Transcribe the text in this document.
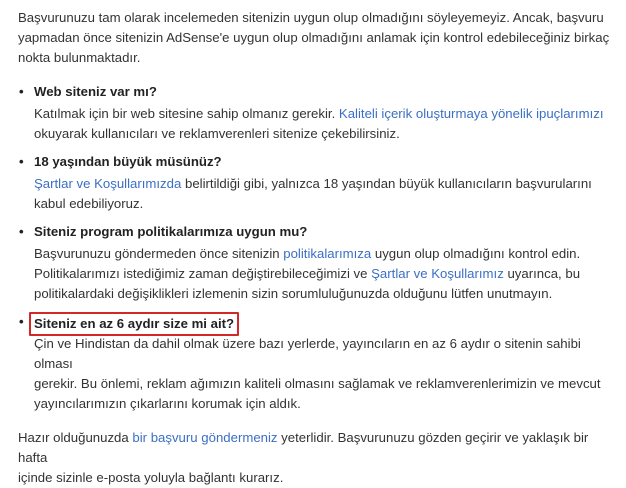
Başvurunuzu tam olarak incelemeden sitenizin uygun olup olmadığını söyleyemeyiz. Ancak, başvuru

yapmadan önce sitenizin AdSense'e uygun olup olmadığını anlamak için kontrol edebileceğiniz birkaç

nokta bulunmaktadır.

• Web siteniz var mı?
Katılmak için bir web sitesine sahip olmanız gerekir. Kaliteli içerik oluşturmaya yönelik ipuçlarımızı
okuyarak kullanıcıları ve reklamverenleri sitenize çekebilirsiniz.
• 18 yaşından büyük müsünüz?
Şartlar ve Koşullarımızda belirtildiği gibi, yalnızca 18 yaşından büyük kullanıcıların başvurularını
kabul edebiliyoruz.
• Siteniz program politikalarımıza uygun mu?
Başvurunuzu göndermeden önce sitenizin politikalarımıza uygun olup olmadığını kontrol edin.
Politikalarımızı istediğimiz zaman değiştirebileceğimizi ve Şartlar ve Koşullarımız uyarınca, bu
politikalardaki değişiklikleri izlemenin sizin sorumluluğunuzda olduğunu lütfen unutmayın.
• Siteniz en az 6 aydır size mi ait?
Çin ve Hindistan da dahil olmak üzere bazı yerlerde, yayıncıların en az 6 aydır o sitenin sahibi olması
gerekir. Bu önlemi, reklam ağımızın kaliteli olmasını sağlamak ve reklamverenlerimizin ve mevcut
yayıncılarımızın çıkarlarını korumak için aldık.

Hazır olduğunuzda bir başvuru göndermeniz yeterlidir. Başvurunuzu gözden geçirir ve yaklaşık bir hafta

içinde sizinle e-posta yoluyla bağlantı kurarız.
